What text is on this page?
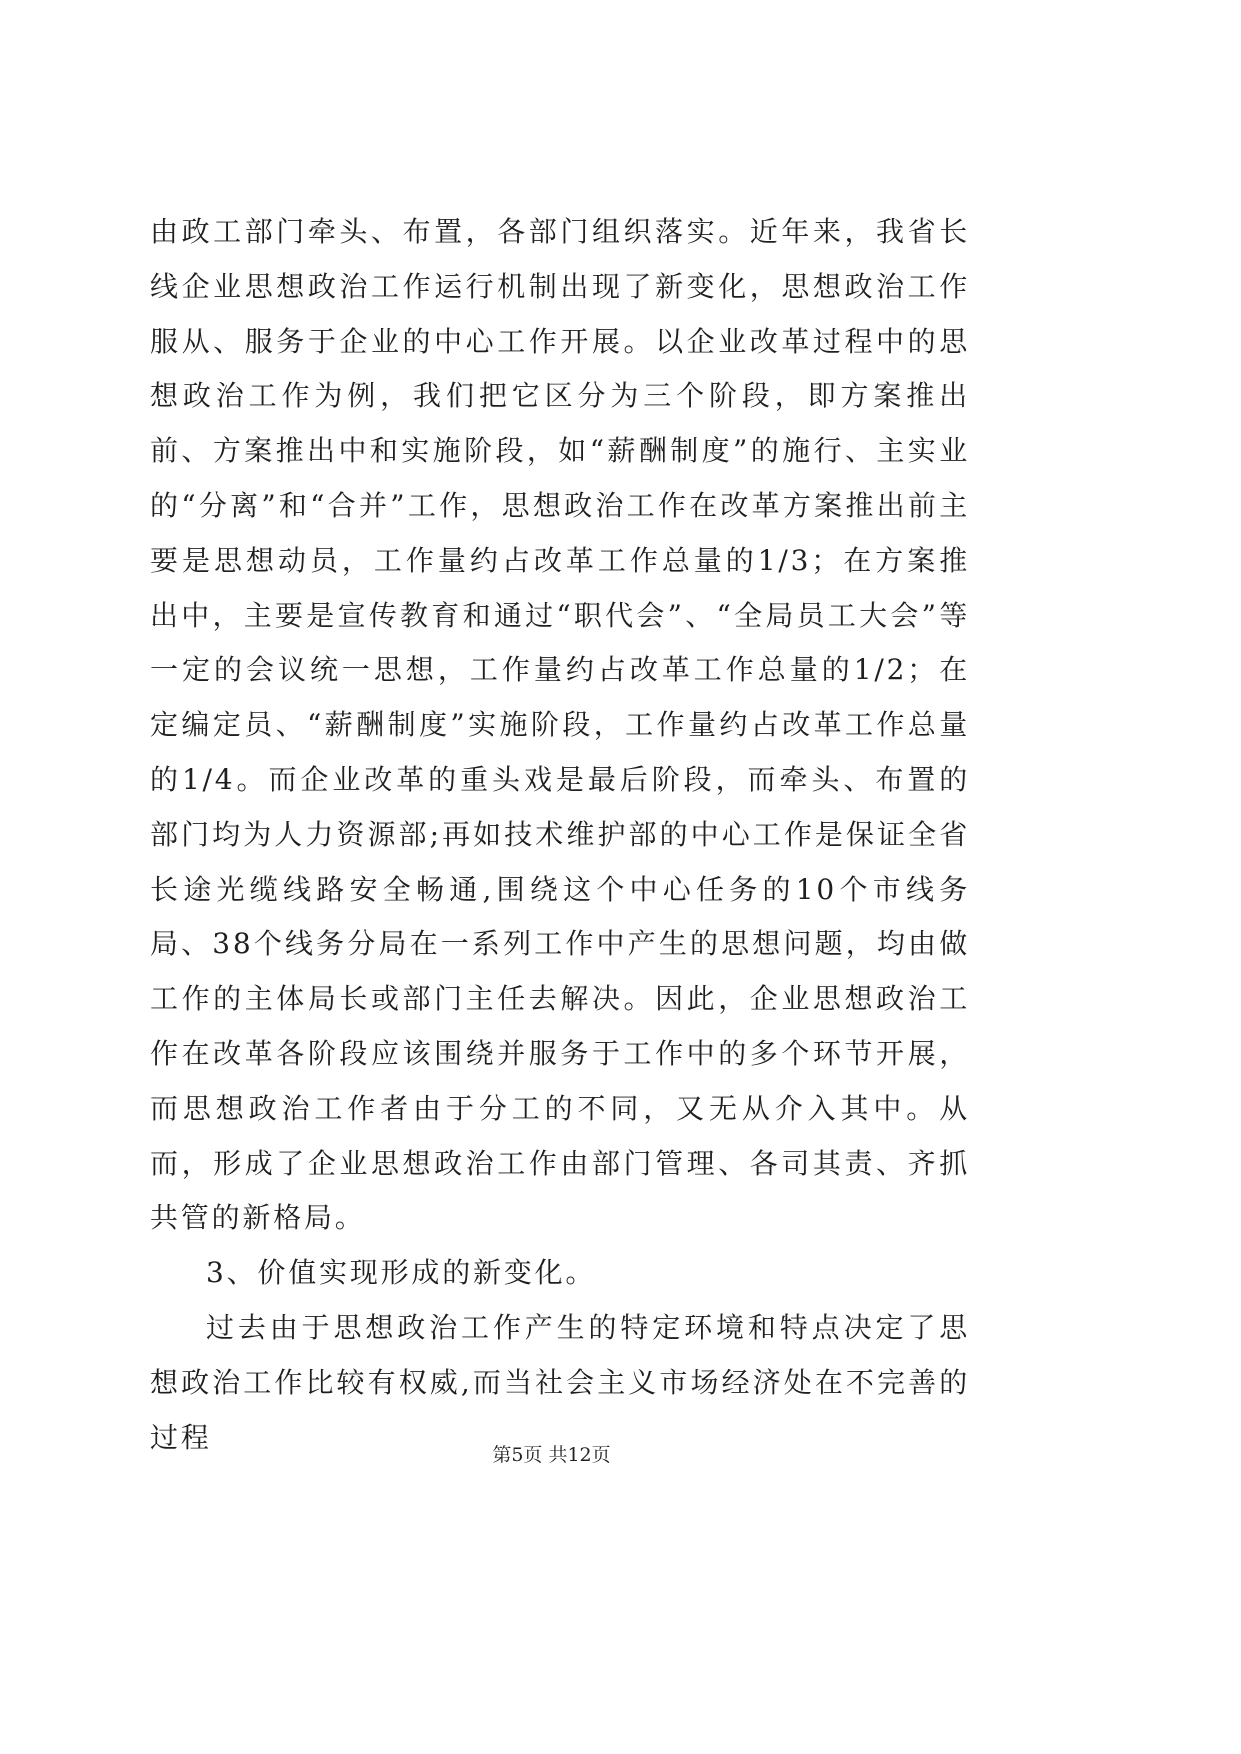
由政工部门牵头、布置，各部门组织落实。近年来，我省长线企业思想政治工作运行机制出现了新变化，思想政治工作服从、服务于企业的中心工作开展。以企业改革过程中的思想政治工作为例，我们把它区分为三个阶段，即方案推出前、方案推出中和实施阶段，如“薪酬制度”的施行、主实业的“分离”和“合并”工作，思想政治工作在改革方案推出前主要是思想动员，工作量约占改革工作总量的1/3；在方案推出中，主要是宣传教育和通过“职代会”、“全局员工大会”等一定的会议统一思想，工作量约占改革工作总量的1/2；在定编定员、“薪酬制度”实施阶段，工作量约占改革工作总量的1/4。而企业改革的重头戏是最后阶段，而牵头、布置的部门均为人力资源部;再如技术维护部的中心工作是保证全省长途光缆线路安全畅通,围绕这个中心任务的10个市线务局、38个线务分局在一系列工作中产生的思想问题，均由做工作的主体局长或部门主任去解决。因此，企业思想政治工作在改革各阶段应该围绕并服务于工作中的多个环节开展，而思想政治工作者由于分工的不同，又无从介入其中。从而，形成了企业思想政治工作由部门管理、各司其责、齐抓共管的新格局。

3、价值实现形成的新变化。

过去由于思想政治工作产生的特定环境和特点决定了思想政治工作比较有权威,而当社会主义市场经济处在不完善的过程

第5页 共12页
